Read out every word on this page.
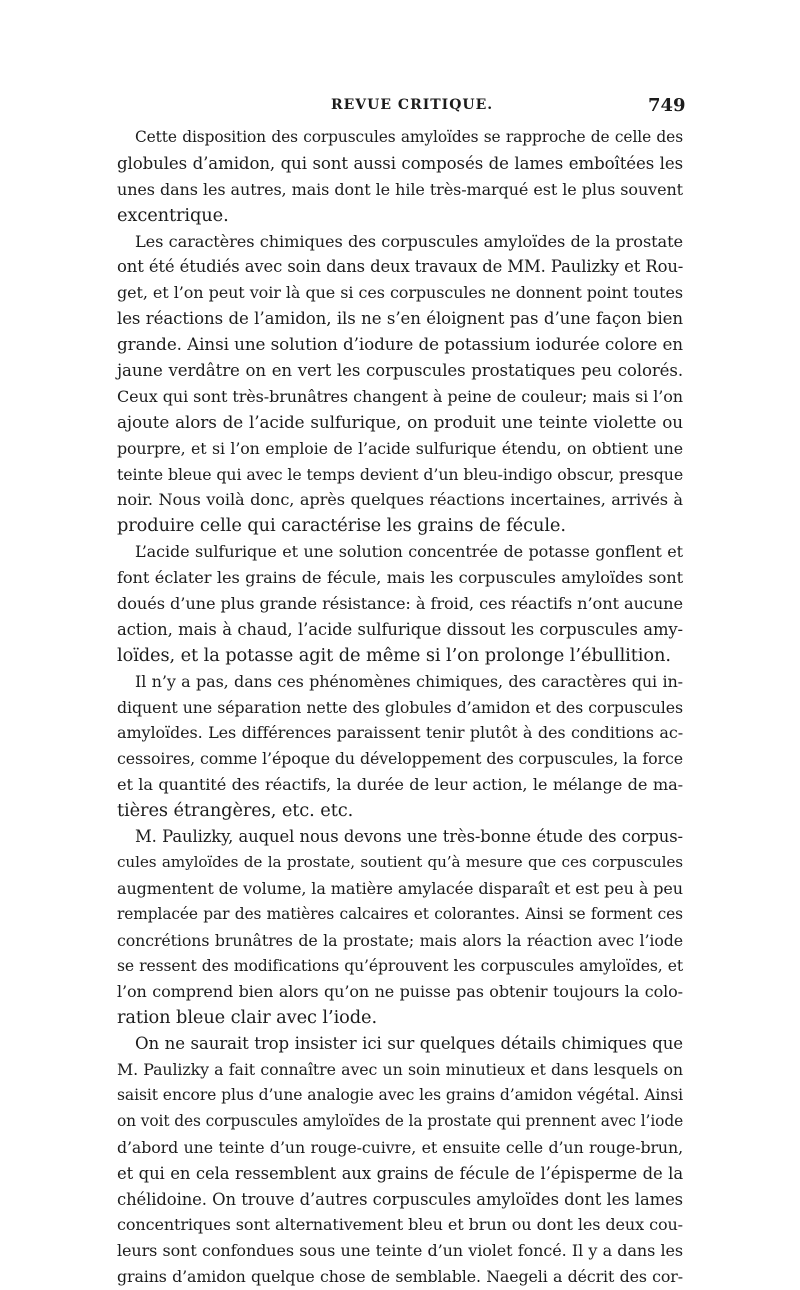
REVUE CRITIQUE.	749
Cette disposition des corpuscules amyloïdes se rapproche de celle des
globules d’amidon, qui sont aussi composés de lames emboîtées les
unes dans les autres, mais dont le hile très-marqué est le plus souvent
excentrique.
Les caractères chimiques des corpuscules amyloïdes de la prostate
ont été étudiés avec soin dans deux travaux de MM. Paulizky et Rou-
get, et l’on peut voir là que si ces corpuscules ne donnent point toutes
les réactions de l’amidon, ils ne s’en éloignent pas d’une façon bien
grande. Ainsi une solution d’iodure de potassium iodurée colore en
jaune verdâtre on en vert les corpuscules prostatiques peu colorés.
Ceux qui sont très-brunâtres changent à peine de couleur; mais si l’on
ajoute alors de l’acide sulfurique, on produit une teinte violette ou
pourpre, et si l’on emploie de l’acide sulfurique étendu, on obtient une
teinte bleue qui avec le temps devient d’un bleu-indigo obscur, presque
noir. Nous voilà donc, après quelques réactions incertaines, arrivés à
produire celle qui caractérise les grains de fécule.
L’acide sulfurique et une solution concentrée de potasse gonflent et
font éclater les grains de fécule, mais les corpuscules amyloïdes sont
doués d’une plus grande résistance: à froid, ces réactifs n’ont aucune
action, mais à chaud, l’acide sulfurique dissout les corpuscules amy-
loïdes, et la potasse agit de même si l’on prolonge l’ébullition.
Il n’y a pas, dans ces phénomènes chimiques, des caractères qui in-
diquent une séparation nette des globules d’amidon et des corpuscules
amyloïdes. Les différences paraissent tenir plutôt à des conditions ac-
cessoires, comme l’époque du développement des corpuscules, la force
et la quantité des réactifs, la durée de leur action, le mélange de ma-
tières étrangères, etc. etc.
M. Paulizky, auquel nous devons une très-bonne étude des corpus-
cules amyloïdes de la prostate, soutient qu’à mesure que ces corpuscules
augmentent de volume, la matière amylacée disparaît et est peu à peu
remplacée par des matières calcaires et colorantes. Ainsi se forment ces
concrétions brunâtres de la prostate; mais alors la réaction avec l’iode
se ressent des modifications qu’éprouvent les corpuscules amyloïdes, et
l’on comprend bien alors qu’on ne puisse pas obtenir toujours la colo-
ration bleue clair avec l’iode.
On ne saurait trop insister ici sur quelques détails chimiques que
M. Paulizky a fait connaître avec un soin minutieux et dans lesquels on
saisit encore plus d’une analogie avec les grains d’amidon végétal. Ainsi
on voit des corpuscules amyloïdes de la prostate qui prennent avec l’iode
d’abord une teinte d’un rouge-cuivre, et ensuite celle d’un rouge-brun,
et qui en cela ressemblent aux grains de fécule de l’épisperme de la
chélidoine. On trouve d’autres corpuscules amyloïdes dont les lames
concentriques sont alternativement bleu et brun ou dont les deux cou-
leurs sont confondues sous une teinte d’un violet foncé. Il y a dans les
grains d’amidon quelque chose de semblable. Naegeli a décrit des cor-
